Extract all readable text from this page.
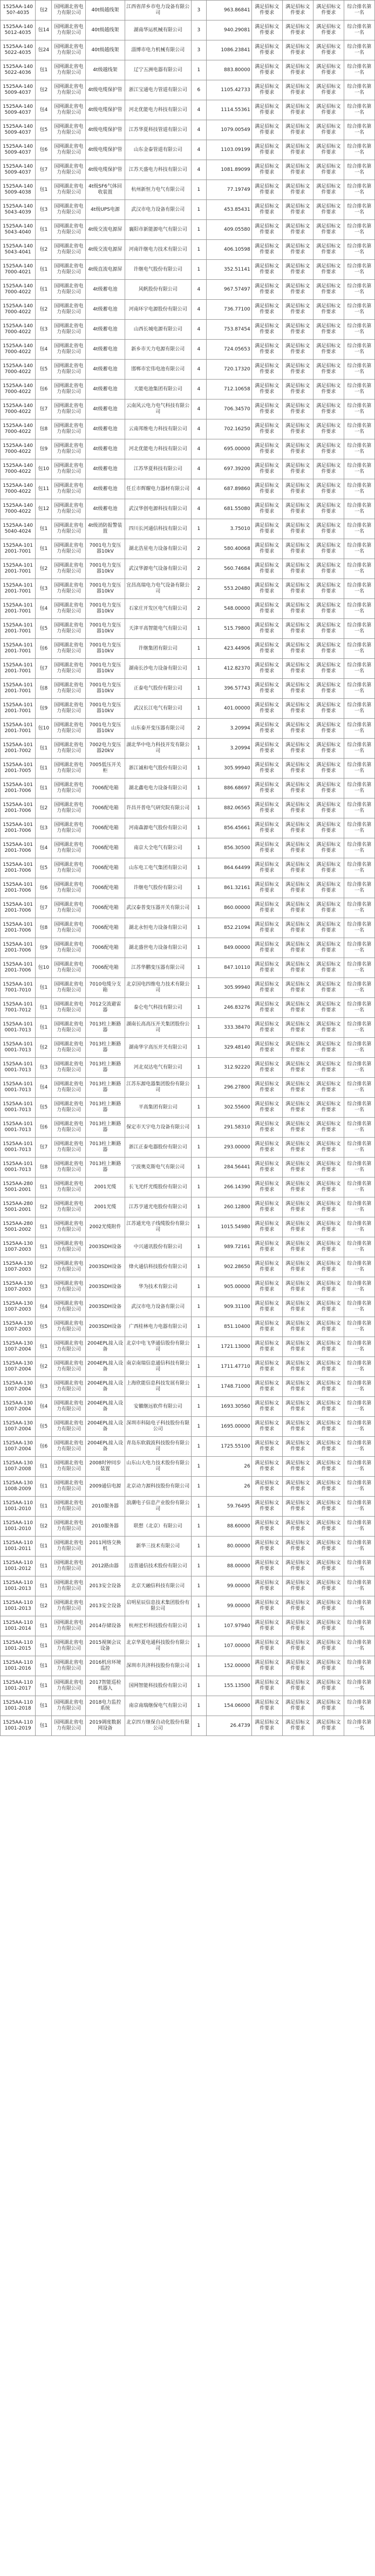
1525AA-14050?-4035	包2	国网湖北省电力有限公司	40t级越线架	江西省萍乡市电力设备有限公司	3	963.86841	满足招标文件要求	满足招标文件要求	满足招标文件要求	综合排名第一名
1525AA-1405012-4035	包14	国网湖北省电力有限公司	40t级越线架	湖南华运机械有限公司	3	940.29081	满足招标文件要求	满足招标文件要求	满足招标文件要求	综合排名第一名
1525AA-1405022-4035	包24	国网湖北省电力有限公司	40t级越线架	淄博市电力机械有限公司	3	1086.23841	满足招标文件要求	满足招标文件要求	满足招标文件要求	综合排名第一名
1525AA-1405022-4036	包1	国网湖北省电力有限公司	4t级越线架	辽宁五洲电器有限公司	1	883.80000	满足招标文件要求	满足招标文件要求	满足招标文件要求	综合排名第一名
1525AA-1405009-4037	包2	国网湖北省电力有限公司	4t级电缆保护管	浙江宝通电力管道有限公司	6	1105.42733	满足招标文件要求	满足招标文件要求	满足招标文件要求	综合排名第一名
1525AA-1405009-4037	包4	国网湖北省电力有限公司	4t级电缆保护管	河北优能电力科技有限公司	4	1114.55361	满足招标文件要求	满足招标文件要求	满足招标文件要求	综合排名第一名
1525AA-1405009-4037	包5	国网湖北省电力有限公司	4t级电缆保护管	江苏华夏科技管道有限公司	4	1079.00549	满足招标文件要求	满足招标文件要求	满足招标文件要求	综合排名第一名
1525AA-1405009-4037	包6	国网湖北省电力有限公司	4t级电缆保护管	山东金泰管道有限公司	4	1103.09199	满足招标文件要求	满足招标文件要求	满足招标文件要求	综合排名第一名
1525AA-1405009-4037	包7	国网湖北省电力有限公司	4t级电缆保护管	江苏天盛电力科技有限公司	4	1081.89099	满足招标文件要求	满足招标文件要求	满足招标文件要求	综合排名第一名
1525AA-1405009-4038	包1	国网湖北省电力有限公司	4t级SF6气体回收装置	杭州新恒力电气有限公司	1	77.19749	满足招标文件要求	满足招标文件要求	满足招标文件要求	综合排名第一名
1525AA-1405043-4039	包3	国网湖北省电力有限公司	4t级UPS电源	武汉市电力设备有限公司	1	453.85431	满足招标文件要求	满足招标文件要求	满足招标文件要求	综合排名第一名
1525AA-1405043-4040	包1	国网湖北省电力有限公司	4t级交流电源屏	襄阳市新能源电气有限公司	1	409.05580	满足招标文件要求	满足招标文件要求	满足招标文件要求	综合排名第一名
1525AA-1405043-4041	包2	国网湖北省电力有限公司	4t级交流电源屏	河南许继电力技术有限公司	1	406.10598	满足招标文件要求	满足招标文件要求	满足招标文件要求	综合排名第一名
1525AA-1407000-4021	包1	国网湖北省电力有限公司	4t级直流电源屏	许继电气股份有限公司	1	352.51141	满足招标文件要求	满足招标文件要求	满足招标文件要求	综合排名第一名
1525AA-1407000-4022	包1	国网湖北省电力有限公司	4t级蓄电池	风帆股份有限公司	4	967.57497	满足招标文件要求	满足招标文件要求	满足招标文件要求	综合排名第一名
1525AA-1407000-4022	包2	国网湖北省电力有限公司	4t级蓄电池	河南环宇电源股份有限公司	4	736.77100	满足招标文件要求	满足招标文件要求	满足招标文件要求	综合排名第一名
1525AA-1407000-4022	包3	国网湖北省电力有限公司	4t级蓄电池	山西长城电源有限公司	4	753.87454	满足招标文件要求	满足招标文件要求	满足招标文件要求	综合排名第一名
1525AA-1407000-4022	包4	国网湖北省电力有限公司	4t级蓄电池	新乡市天力电源有限公司	4	724.05653	满足招标文件要求	满足招标文件要求	满足招标文件要求	综合排名第一名
1525AA-1407000-4022	包5	国网湖北省电力有限公司	4t级蓄电池	邯郸市宏伟电池有限公司	4	720.17320	满足招标文件要求	满足招标文件要求	满足招标文件要求	综合排名第一名
1525AA-1407000-4022	包6	国网湖北省电力有限公司	4t级蓄电池	天能电池集团有限公司	4	712.10658	满足招标文件要求	满足招标文件要求	满足招标文件要求	综合排名第一名
1525AA-1407000-4022	包7	国网湖北省电力有限公司	4t级蓄电池	云南风云电力电气科技有限公司	4	706.34570	满足招标文件要求	满足招标文件要求	满足招标文件要求	综合排名第一名
1525AA-1407000-4022	包8	国网湖北省电力有限公司	4t级蓄电池	云南邦维电力科技有限公司	4	702.16250	满足招标文件要求	满足招标文件要求	满足招标文件要求	综合排名第一名
1525AA-1407000-4022	包9	国网湖北省电力有限公司	4t级蓄电池	河北优能电力科技有限公司	4	695.00000	满足招标文件要求	满足招标文件要求	满足招标文件要求	综合排名第一名
1525AA-1407000-4022	包10	国网湖北省电力有限公司	4t级蓄电池	江苏华夏科技有限公司	4	697.39200	满足招标文件要求	满足招标文件要求	满足招标文件要求	综合排名第一名
1525AA-1407000-4022	包11	国网湖北省电力有限公司	4t级蓄电池	任丘市辉耀电力器材有限公司	4	687.89860	满足招标文件要求	满足招标文件要求	满足招标文件要求	综合排名第一名
1525AA-1407000-4022	包12	国网湖北省电力有限公司	4t级蓄电池	武汉华创电源科技有限公司	4	681.55080	满足招标文件要求	满足招标文件要求	满足招标文件要求	综合排名第一名
1525AA-1405040-4024	包1	国网湖北省电力有限公司	4t级消防报警装置	四川长河通信科技有限公司	1	3.75010	满足招标文件要求	满足招标文件要求	满足招标文件要求	综合排名第一名
1525AA-1012001-7001	包1	国网湖北省电力有限公司	7001电力变压器10kV	湖北浩星电力设备有限公司	2	580.40068	满足招标文件要求	满足招标文件要求	满足招标文件要求	综合排名第一名
1525AA-1012001-7001	包2	国网湖北省电力有限公司	7001电力变压器10kV	武汉华源电气设备有限公司	2	560.74684	满足招标文件要求	满足招标文件要求	满足招标文件要求	综合排名第一名
1525AA-1012001-7001	包3	国网湖北省电力有限公司	7001电力变压器10kV	宜昌高瑞电力电气设备有限公司	2	553.20480	满足招标文件要求	满足招标文件要求	满足招标文件要求	综合排名第一名
1525AA-1012001-7001	包4	国网湖北省电力有限公司	7001电力变压器10kV	石家庄开发区电气有限公司	2	548.00000	满足招标文件要求	满足招标文件要求	满足招标文件要求	综合排名第一名
1525AA-1012001-7001	包5	国网湖北省电力有限公司	7001电力变压器10kV	天津平高智能电气有限公司	1	515.79800	满足招标文件要求	满足招标文件要求	满足招标文件要求	综合排名第一名
1525AA-1012001-7001	包6	国网湖北省电力有限公司	7001电力变压器10kV	许继集团有限公司	1	423.44906	满足招标文件要求	满足招标文件要求	满足招标文件要求	综合排名第一名
1525AA-1012001-7001	包7	国网湖北省电力有限公司	7001电力变压器10kV	湖南长沙电力设备有限公司	1	412.82370	满足招标文件要求	满足招标文件要求	满足招标文件要求	综合排名第一名
1525AA-1012001-7001	包8	国网湖北省电力有限公司	7001电力变压器10kV	正泰电气股份有限公司	1	396.57743	满足招标文件要求	满足招标文件要求	满足招标文件要求	综合排名第一名
1525AA-1012001-7001	包9	国网湖北省电力有限公司	7001电力变压器10kV	武汉长江电气有限公司	1	401.00000	满足招标文件要求	满足招标文件要求	满足招标文件要求	综合排名第一名
1525AA-1012001-7001	包10	国网湖北省电力有限公司	7001电力变压器10kV	山东泰开变压器有限公司	2	3.20994	满足招标文件要求	满足招标文件要求	满足招标文件要求	综合排名第一名
1525AA-1012001-7002	包1	国网湖北省电力有限公司	7002电力变压器20kV	湖北华中电力科技开发有限公司	1	3.20994	满足招标文件要求	满足招标文件要求	满足招标文件要求	综合排名第一名
1525AA-1012001-7005	包1	国网湖北省电力有限公司	7005低压开关柜	浙江诚和电气股份有限公司	1	305.99940	满足招标文件要求	满足招标文件要求	满足招标文件要求	综合排名第一名
1525AA-1012001-7006	包1	国网湖北省电力有限公司	7006配电箱	湖北鑫电电力设备有限公司	1	886.68697	满足招标文件要求	满足招标文件要求	满足招标文件要求	综合排名第一名
1525AA-1012001-7006	包2	国网湖北省电力有限公司	7006配电箱	许昌开普电气研究院有限公司	1	882.06565	满足招标文件要求	满足招标文件要求	满足招标文件要求	综合排名第一名
1525AA-1012001-7006	包3	国网湖北省电力有限公司	7006配电箱	河南森源电气股份有限公司	1	856.45661	满足招标文件要求	满足招标文件要求	满足招标文件要求	综合排名第一名
1525AA-1012001-7006	包4	国网湖北省电力有限公司	7006配电箱	南京大全电气有限公司	1	856.30500	满足招标文件要求	满足招标文件要求	满足招标文件要求	综合排名第一名
1525AA-1012001-7006	包5	国网湖北省电力有限公司	7006配电箱	山东电工电气集团有限公司	1	864.64499	满足招标文件要求	满足招标文件要求	满足招标文件要求	综合排名第一名
1525AA-1012001-7006	包6	国网湖北省电力有限公司	7006配电箱	许继电气股份有限公司	1	861.32161	满足招标文件要求	满足招标文件要求	满足招标文件要求	综合排名第一名
1525AA-1012001-7006	包7	国网湖北省电力有限公司	7006配电箱	武汉泰普变压器开关有限公司	1	860.00000	满足招标文件要求	满足招标文件要求	满足招标文件要求	综合排名第一名
1525AA-1012001-7006	包8	国网湖北省电力有限公司	7006配电箱	湖北永恒电力设备有限公司	1	852.21094	满足招标文件要求	满足招标文件要求	满足招标文件要求	综合排名第一名
1525AA-1012001-7006	包9	国网湖北省电力有限公司	7006配电箱	湖北盛世电力设备有限公司	1	849.00000	满足招标文件要求	满足招标文件要求	满足招标文件要求	综合排名第一名
1525AA-1012001-7006	包10	国网湖北省电力有限公司	7006配电箱	江苏华鹏变压器有限公司	1	847.10110	满足招标文件要求	满足招标文件要求	满足招标文件要求	综合排名第一名
1525AA-1017001-7010	包1	国网湖北省电力有限公司	7010电缆分支箱	北京国电四维电力技术有限公司	1	305.99940	满足招标文件要求	满足招标文件要求	满足招标文件要求	综合排名第一名
1525AA-1017001-7012	包1	国网湖北省电力有限公司	7012交流避雷器	泰仑电气科技有限公司	1	246.83276	满足招标文件要求	满足招标文件要求	满足招标文件要求	综合排名第一名
1525AA-1010001-7013	包1	国网湖北省电力有限公司	7013柱上断路器	湖南长高高压开关集团股份公司	1	333.38470	满足招标文件要求	满足招标文件要求	满足招标文件要求	综合排名第一名
1525AA-1010001-7013	包2	国网湖北省电力有限公司	7013柱上断路器	湖南华宇高压开关有限公司	1	329.48140	满足招标文件要求	满足招标文件要求	满足招标文件要求	综合排名第一名
1525AA-1010001-7013	包3	国网湖北省电力有限公司	7013柱上断路器	河北双达电气有限公司	1	312.92220	满足招标文件要求	满足招标文件要求	满足招标文件要求	综合排名第一名
1525AA-1010001-7013	包4	国网湖北省电力有限公司	7013柱上断路器	江苏东源电器集团股份有限公司	1	296.27800	满足招标文件要求	满足招标文件要求	满足招标文件要求	综合排名第一名
1525AA-1010001-7013	包5	国网湖北省电力有限公司	7013柱上断路器	平高集团有限公司	1	302.55600	满足招标文件要求	满足招标文件要求	满足招标文件要求	综合排名第一名
1525AA-1010001-7013	包6	国网湖北省电力有限公司	7013柱上断路器	保定市天宇电力设备有限公司	1	291.58310	满足招标文件要求	满足招标文件要求	满足招标文件要求	综合排名第一名
1525AA-1010001-7013	包7	国网湖北省电力有限公司	7013柱上断路器	浙江正泰电器股份有限公司	1	293.00000	满足招标文件要求	满足招标文件要求	满足招标文件要求	综合排名第一名
1525AA-1010001-7013	包8	国网湖北省电力有限公司	7013柱上断路器	宁波奥克斯电气有限公司	1	284.56441	满足招标文件要求	满足招标文件要求	满足招标文件要求	综合排名第一名
1525AA-2805001-2001	包1	国网湖北省电力有限公司	2001光缆	长飞光纤光缆股份有限公司	1	266.14390	满足招标文件要求	满足招标文件要求	满足招标文件要求	综合排名第一名
1525AA-2805001-2001	包2	国网湖北省电力有限公司	2001光缆	江苏亨通光电股份有限公司	1	260.12800	满足招标文件要求	满足招标文件要求	满足招标文件要求	综合排名第一名
1525AA-2805001-2002	包1	国网湖北省电力有限公司	2002光缆附件	江苏通光电子线缆股份有限公司	1	1015.54980	满足招标文件要求	满足招标文件要求	满足招标文件要求	综合排名第一名
1525AA-1301007-2003	包1	国网湖北省电力有限公司	2003SDH设备	中兴通讯股份有限公司	1	989.72161	满足招标文件要求	满足招标文件要求	满足招标文件要求	综合排名第一名
1525AA-1301007-2003	包2	国网湖北省电力有限公司	2003SDH设备	烽火通信科技股份有限公司	1	902.28650	满足招标文件要求	满足招标文件要求	满足招标文件要求	综合排名第一名
1525AA-1301007-2003	包3	国网湖北省电力有限公司	2003SDH设备	华为技术有限公司	1	905.00000	满足招标文件要求	满足招标文件要求	满足招标文件要求	综合排名第一名
1525AA-1301007-2003	包4	国网湖北省电力有限公司	2003SDH设备	武汉市电力设备有限公司	1	909.31100	满足招标文件要求	满足招标文件要求	满足招标文件要求	综合排名第一名
1525AA-1301007-2003	包5	国网湖北省电力有限公司	2003SDH设备	广西桂林电力电器有限公司	1	851.10400	满足招标文件要求	满足招标文件要求	满足招标文件要求	综合排名第一名
1525AA-1301007-2004	包1	国网湖北省电力有限公司	2004EPL接入设备	北京中电飞华通信股份有限公司	1	1721.13000	满足招标文件要求	满足招标文件要求	满足招标文件要求	综合排名第一名
1525AA-1301007-2004	包2	国网湖北省电力有限公司	2004EPL接入设备	南京南瑞信息通信科技有限公司	1	1711.47710	满足招标文件要求	满足招标文件要求	满足招标文件要求	综合排名第一名
1525AA-1301007-2004	包3	国网湖北省电力有限公司	2004EPL接入设备	上海欣能信息科技发展有限公司	1	1748.71000	满足招标文件要求	满足招标文件要求	满足招标文件要求	综合排名第一名
1525AA-1301007-2004	包4	国网湖北省电力有限公司	2004EPL接入设备	安徽继远软件有限公司	1	1693.30560	满足招标文件要求	满足招标文件要求	满足招标文件要求	综合排名第一名
1525AA-1301007-2004	包5	国网湖北省电力有限公司	2004EPL接入设备	深圳市科陆电子科技股份有限公司	1	1695.00000	满足招标文件要求	满足招标文件要求	满足招标文件要求	综合排名第一名
1525AA-1301007-2004	包6	国网湖北省电力有限公司	2004EPL接入设备	青岛东软载波科技股份有限公司	1	1725.55100	满足招标文件要求	满足招标文件要求	满足招标文件要求	综合排名第一名
1525AA-1301007-2008	包1	国网湖北省电力有限公司	2008时钟同步装置	山东山大电力技术股份有限公司	1	26	满足招标文件要求	满足招标文件要求	满足招标文件要求	综合排名第一名
1525AA-1301008-2009	包1	国网湖北省电力有限公司	2009通信电源	北京动力源科技股份有限公司	1	26	满足招标文件要求	满足招标文件要求	满足招标文件要求	综合排名第一名
1525AA-1101001-2010	包1	国网湖北省电力有限公司	2010服务器	浪潮电子信息产业股份有限公司	1	59.76495	满足招标文件要求	满足招标文件要求	满足招标文件要求	综合排名第一名
1525AA-1101001-2010	包2	国网湖北省电力有限公司	2010服务器	联想（北京）有限公司	1	88.60000	满足招标文件要求	满足招标文件要求	满足招标文件要求	综合排名第一名
1525AA-1101001-2011	包1	国网湖北省电力有限公司	2011网络交换机	新华三技术有限公司	1	80.00000	满足招标文件要求	满足招标文件要求	满足招标文件要求	综合排名第一名
1525AA-1101001-2012	包1	国网湖北省电力有限公司	2012路由器	迈普通信技术股份有限公司	1	88.00000	满足招标文件要求	满足招标文件要求	满足招标文件要求	综合排名第一名
1525AA-1101001-2013	包1	国网湖北省电力有限公司	2013安全设备	北京天融信科技有限公司	1	99.00000	满足招标文件要求	满足招标文件要求	满足招标文件要求	综合排名第一名
1525AA-1101001-2013	包2	国网湖北省电力有限公司	2013安全设备	启明星辰信息技术集团股份有限公司	1	99.00000	满足招标文件要求	满足招标文件要求	满足招标文件要求	综合排名第一名
1525AA-1101001-2014	包1	国网湖北省电力有限公司	2014存储设备	杭州宏杉科技股份有限公司	1	107.97940	满足招标文件要求	满足招标文件要求	满足招标文件要求	综合排名第一名
1525AA-1101001-2015	包1	国网湖北省电力有限公司	2015视频会议设备	北京华夏电通科技股份有限公司	1	107.00000	满足招标文件要求	满足招标文件要求	满足招标文件要求	综合排名第一名
1525AA-1101001-2016	包1	国网湖北省电力有限公司	2016机房环境监控	深圳市共济科技股份有限公司	1	152.00000	满足招标文件要求	满足招标文件要求	满足招标文件要求	综合排名第一名
1525AA-1101001-2017	包1	国网湖北省电力有限公司	2017智能巡检机器人	国网智能科技股份有限公司	1	155.13500	满足招标文件要求	满足招标文件要求	满足招标文件要求	综合排名第一名
1525AA-1101001-2018	包1	国网湖北省电力有限公司	2018电力监控系统	南京南瑞继保电气有限公司	1	154.06000	满足招标文件要求	满足招标文件要求	满足招标文件要求	综合排名第一名
1525AA-1101001-2019	包1	国网湖北省电力有限公司	2019调度数据网设备	北京四方继保自动化股份有限公司	1	26.4739	满足招标文件要求	满足招标文件要求	满足招标文件要求	综合排名第一名
